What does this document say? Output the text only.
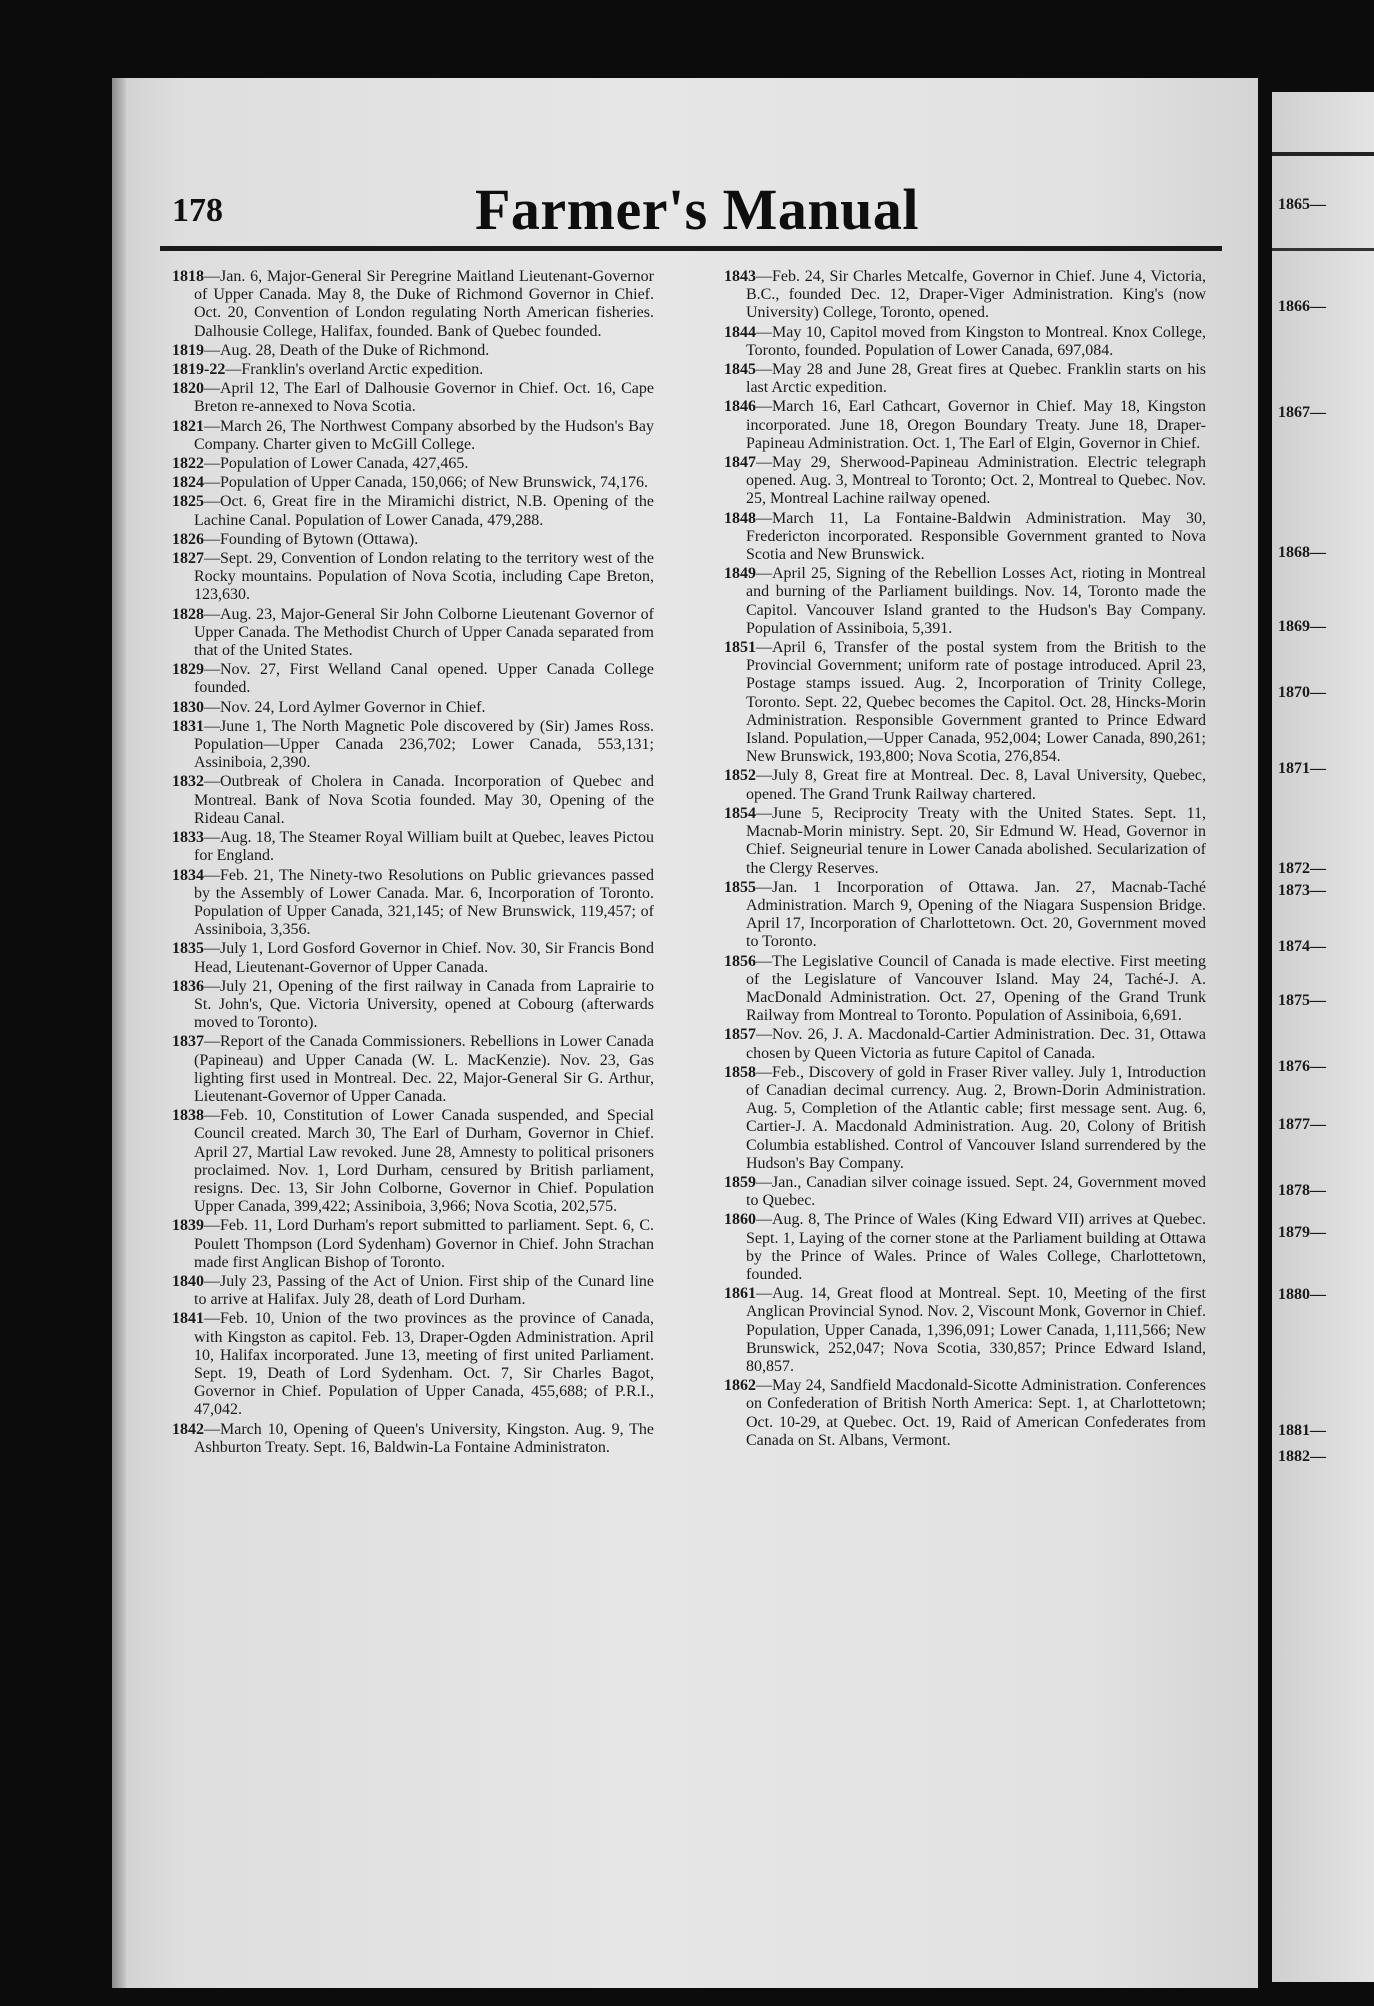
178	Farmer's Manual

1818—Jan. 6, Major-General Sir Peregrine Maitland Lieutenant-Governor of Upper Canada. May 8, the Duke of Richmond Governor in Chief. Oct. 20, Convention of London regulating North American fisheries. Dalhousie College, Halifax, founded. Bank of Quebec founded.

1819—Aug. 28, Death of the Duke of Richmond.

1819-22—Franklin's overland Arctic expedition.

1820—April 12, The Earl of Dalhousie Governor in Chief. Oct. 16, Cape Breton re-annexed to Nova Scotia.

1821—March 26, The Northwest Company absorbed by the Hudson's Bay Company. Charter given to McGill College.

1822—Population of Lower Canada, 427,465.

1824—Population of Upper Canada, 150,066; of New Brunswick, 74,176.

1825—Oct. 6, Great fire in the Miramichi district, N.B. Opening of the Lachine Canal. Population of Lower Canada, 479,288.

1826—Founding of Bytown (Ottawa).

1827—Sept. 29, Convention of London relating to the territory west of the Rocky mountains. Population of Nova Scotia, including Cape Breton, 123,630.

1828—Aug. 23, Major-General Sir John Colborne Lieutenant Governor of Upper Canada. The Methodist Church of Upper Canada separated from that of the United States.

1829—Nov. 27, First Welland Canal opened. Upper Canada College founded.

1830—Nov. 24, Lord Aylmer Governor in Chief.

1831—June 1, The North Magnetic Pole discovered by (Sir) James Ross. Population—Upper Canada 236,702; Lower Canada, 553,131; Assiniboia, 2,390.

1832—Outbreak of Cholera in Canada. Incorporation of Quebec and Montreal. Bank of Nova Scotia founded. May 30, Opening of the Rideau Canal.

1833—Aug. 18, The Steamer Royal William built at Quebec, leaves Pictou for England.

1834—Feb. 21, The Ninety-two Resolutions on Public grievances passed by the Assembly of Lower Canada. Mar. 6, Incorporation of Toronto. Population of Upper Canada, 321,145; of New Brunswick, 119,457; of Assiniboia, 3,356.

1835—July 1, Lord Gosford Governor in Chief. Nov. 30, Sir Francis Bond Head, Lieutenant-Governor of Upper Canada.

1836—July 21, Opening of the first railway in Canada from Laprairie to St. John's, Que. Victoria University, opened at Cobourg (afterwards moved to Toronto).

1837—Report of the Canada Commissioners. Rebellions in Lower Canada (Papineau) and Upper Canada (W. L. MacKenzie). Nov. 23, Gas lighting first used in Montreal. Dec. 22, Major-General Sir G. Arthur, Lieutenant-Governor of Upper Canada.

1838—Feb. 10, Constitution of Lower Canada suspended, and Special Council created. March 30, The Earl of Durham, Governor in Chief. April 27, Martial Law revoked. June 28, Amnesty to political prisoners proclaimed. Nov. 1, Lord Durham, censured by British parliament, resigns. Dec. 13, Sir John Colborne, Governor in Chief. Population Upper Canada, 399,422; Assiniboia, 3,966; Nova Scotia, 202,575.

1839—Feb. 11, Lord Durham's report submitted to parliament. Sept. 6, C. Poulett Thompson (Lord Sydenham) Governor in Chief. John Strachan made first Anglican Bishop of Toronto.

1840—July 23, Passing of the Act of Union. First ship of the Cunard line to arrive at Halifax. July 28, death of Lord Durham.

1841—Feb. 10, Union of the two provinces as the province of Canada, with Kingston as capitol. Feb. 13, Draper-Ogden Administration. April 10, Halifax incorporated. June 13, meeting of first united Parliament. Sept. 19, Death of Lord Sydenham. Oct. 7, Sir Charles Bagot, Governor in Chief. Population of Upper Canada, 455,688; of P.R.I., 47,042.

1842—March 10, Opening of Queen's University, Kingston. Aug. 9, The Ashburton Treaty. Sept. 16, Baldwin-La Fontaine Administraton.

1843—Feb. 24, Sir Charles Metcalfe, Governor in Chief. June 4, Victoria, B.C., founded Dec. 12, Draper-Viger Administration. King's (now University) College, Toronto, opened.

1844—May 10, Capitol moved from Kingston to Montreal. Knox College, Toronto, founded. Population of Lower Canada, 697,084.

1845—May 28 and June 28, Great fires at Quebec. Franklin starts on his last Arctic expedition.

1846—March 16, Earl Cathcart, Governor in Chief. May 18, Kingston incorporated. June 18, Oregon Boundary Treaty. June 18, Draper-Papineau Administration. Oct. 1, The Earl of Elgin, Governor in Chief.

1847—May 29, Sherwood-Papineau Administration. Electric telegraph opened. Aug. 3, Montreal to Toronto; Oct. 2, Montreal to Quebec. Nov. 25, Montreal Lachine railway opened.

1848—March 11, La Fontaine-Baldwin Administration. May 30, Fredericton incorporated. Responsible Government granted to Nova Scotia and New Brunswick.

1849—April 25, Signing of the Rebellion Losses Act, rioting in Montreal and burning of the Parliament buildings. Nov. 14, Toronto made the Capitol. Vancouver Island granted to the Hudson's Bay Company. Population of Assiniboia, 5,391.

1851—April 6, Transfer of the postal system from the British to the Provincial Government; uniform rate of postage introduced. April 23, Postage stamps issued. Aug. 2, Incorporation of Trinity College, Toronto. Sept. 22, Quebec becomes the Capitol. Oct. 28, Hincks-Morin Administration. Responsible Government granted to Prince Edward Island. Population,—Upper Canada, 952,004; Lower Canada, 890,261; New Brunswick, 193,800; Nova Scotia, 276,854.

1852—July 8, Great fire at Montreal. Dec. 8, Laval University, Quebec, opened. The Grand Trunk Railway chartered.

1854—June 5, Reciprocity Treaty with the United States. Sept. 11, Macnab-Morin ministry. Sept. 20, Sir Edmund W. Head, Governor in Chief. Seigneurial tenure in Lower Canada abolished. Secularization of the Clergy Reserves.

1855—Jan. 1 Incorporation of Ottawa. Jan. 27, Macnab-Taché Administration. March 9, Opening of the Niagara Suspension Bridge. April 17, Incorporation of Charlottetown. Oct. 20, Government moved to Toronto.

1856—The Legislative Council of Canada is made elective. First meeting of the Legislature of Vancouver Island. May 24, Taché-J. A. MacDonald Administration. Oct. 27, Opening of the Grand Trunk Railway from Montreal to Toronto. Population of Assiniboia, 6,691.

1857—Nov. 26, J. A. Macdonald-Cartier Administration. Dec. 31, Ottawa chosen by Queen Victoria as future Capitol of Canada.

1858—Feb., Discovery of gold in Fraser River valley. July 1, Introduction of Canadian decimal currency. Aug. 2, Brown-Dorin Administration. Aug. 5, Completion of the Atlantic cable; first message sent. Aug. 6, Cartier-J. A. Macdonald Administration. Aug. 20, Colony of British Columbia established. Control of Vancouver Island surrendered by the Hudson's Bay Company.

1859—Jan., Canadian silver coinage issued. Sept. 24, Government moved to Quebec.

1860—Aug. 8, The Prince of Wales (King Edward VII) arrives at Quebec. Sept. 1, Laying of the corner stone at the Parliament building at Ottawa by the Prince of Wales. Prince of Wales College, Charlottetown, founded.

1861—Aug. 14, Great flood at Montreal. Sept. 10, Meeting of the first Anglican Provincial Synod. Nov. 2, Viscount Monk, Governor in Chief. Population, Upper Canada, 1,396,091; Lower Canada, 1,111,566; New Brunswick, 252,047; Nova Scotia, 330,857; Prince Edward Island, 80,857.

1862—May 24, Sandfield Macdonald-Sicotte Administration. Conferences on Confederation of British North America: Sept. 1, at Charlottetown; Oct. 10-29, at Quebec. Oct. 19, Raid of American Confederates from Canada on St. Albans, Vermont.

1865—
1866—
1867—
1868—
1869—
1870—
1871—
1872—
1873—
1874—
1875—
1876—
1877—
1878—
1879—
1880—
1881—
1882—
